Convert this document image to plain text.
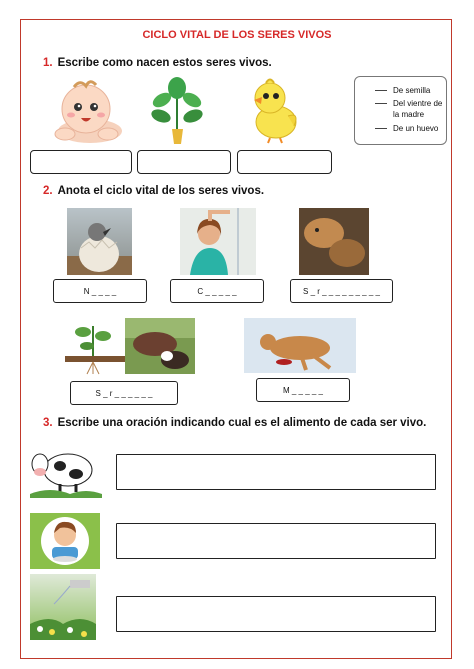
CICLO VITAL DE LOS SERES VIVOS
1. Escribe como nacen estos seres vivos.
De semilla
Del vientre de la madre
De un huevo
2. Anota el ciclo vital de los seres vivos.
N _ _ _ _	C _ _ _ _ _	S _ r _ _ _ _ _ _ _ _ _
S _ r _ _ _ _ _ _	M _ _ _ _ _
3. Escribe una oración indicando cual es el alimento de cada ser vivo.
